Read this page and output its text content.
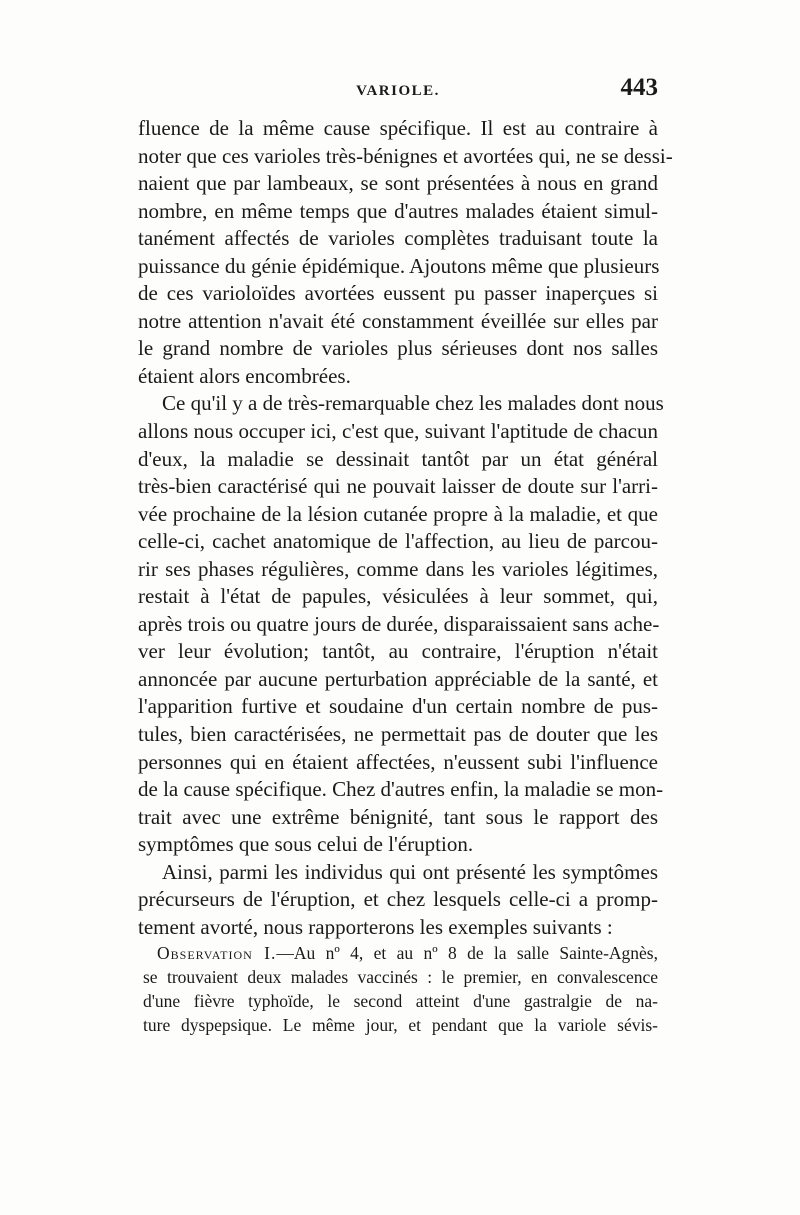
VARIOLE.	443
fluence de la même cause spécifique. Il est au contraire à
noter que ces varioles très-bénignes et avortées qui, ne se dessi-
naient que par lambeaux, se sont présentées à nous en grand
nombre, en même temps que d'autres malades étaient simul-
tanément affectés de varioles complètes traduisant toute la
puissance du génie épidémique. Ajoutons même que plusieurs
de ces varioloïdes avortées eussent pu passer inaperçues si
notre attention n'avait été constamment éveillée sur elles par
le grand nombre de varioles plus sérieuses dont nos salles
étaient alors encombrées.
Ce qu'il y a de très-remarquable chez les malades dont nous
allons nous occuper ici, c'est que, suivant l'aptitude de chacun
d'eux, la maladie se dessinait tantôt par un état général
très-bien caractérisé qui ne pouvait laisser de doute sur l'arri-
vée prochaine de la lésion cutanée propre à la maladie, et que
celle-ci, cachet anatomique de l'affection, au lieu de parcou-
rir ses phases régulières, comme dans les varioles légitimes,
restait à l'état de papules, vésiculées à leur sommet, qui,
après trois ou quatre jours de durée, disparaissaient sans ache-
ver leur évolution; tantôt, au contraire, l'éruption n'était
annoncée par aucune perturbation appréciable de la santé, et
l'apparition furtive et soudaine d'un certain nombre de pus-
tules, bien caractérisées, ne permettait pas de douter que les
personnes qui en étaient affectées, n'eussent subi l'influence
de la cause spécifique. Chez d'autres enfin, la maladie se mon-
trait avec une extrême bénignité, tant sous le rapport des
symptômes que sous celui de l'éruption.
Ainsi, parmi les individus qui ont présenté les symptômes
précurseurs de l'éruption, et chez lesquels celle-ci a promp-
tement avorté, nous rapporterons les exemples suivants :
Observation I.—Au nº 4, et au nº 8 de la salle Sainte-Agnès,
se trouvaient deux malades vaccinés : le premier, en convalescence
d'une fièvre typhoïde, le second atteint d'une gastralgie de na-
ture dyspepsique. Le même jour, et pendant que la variole sévis-
